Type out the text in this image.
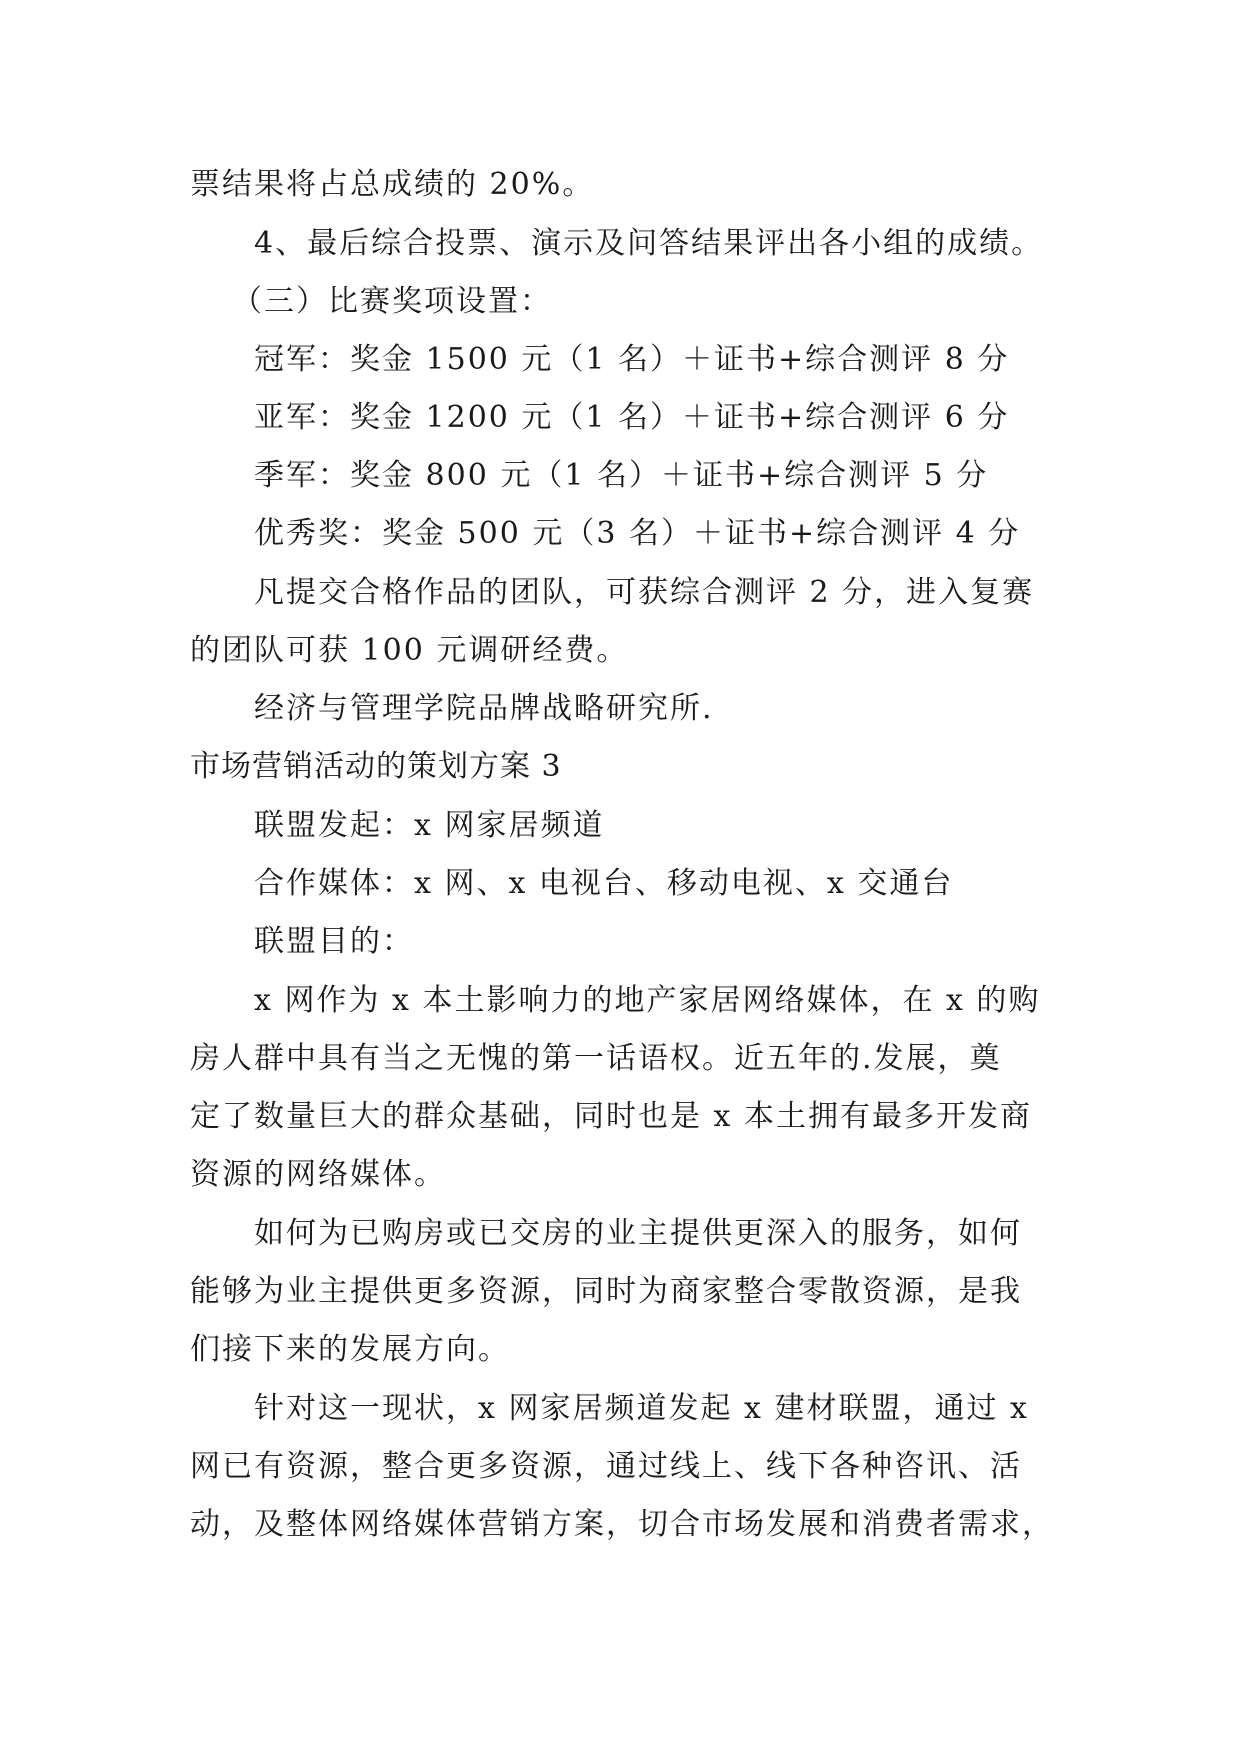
票结果将占总成绩的 20%。
4、最后综合投票、演示及问答结果评出各小组的成绩。
（三）比赛奖项设置：
冠军：奖金 1500 元（1 名）＋证书+综合测评 8 分
亚军：奖金 1200 元（1 名）＋证书+综合测评 6 分
季军：奖金 800 元（1 名）＋证书+综合测评 5 分
优秀奖：奖金 500 元（3 名）＋证书+综合测评 4 分
凡提交合格作品的团队，可获综合测评 2 分，进入复赛
的团队可获 100 元调研经费。
经济与管理学院品牌战略研究所.
市场营销活动的策划方案 3
联盟发起：x 网家居频道
合作媒体：x 网、x 电视台、移动电视、x 交通台
联盟目的：
x 网作为 x 本土影响力的地产家居网络媒体，在 x 的购
房人群中具有当之无愧的第一话语权。近五年的.发展，奠
定了数量巨大的群众基础，同时也是 x 本土拥有最多开发商
资源的网络媒体。
如何为已购房或已交房的业主提供更深入的服务，如何
能够为业主提供更多资源，同时为商家整合零散资源，是我
们接下来的发展方向。
针对这一现状，x 网家居频道发起 x 建材联盟，通过 x
网已有资源，整合更多资源，通过线上、线下各种咨讯、活
动，及整体网络媒体营销方案，切合市场发展和消费者需求，
